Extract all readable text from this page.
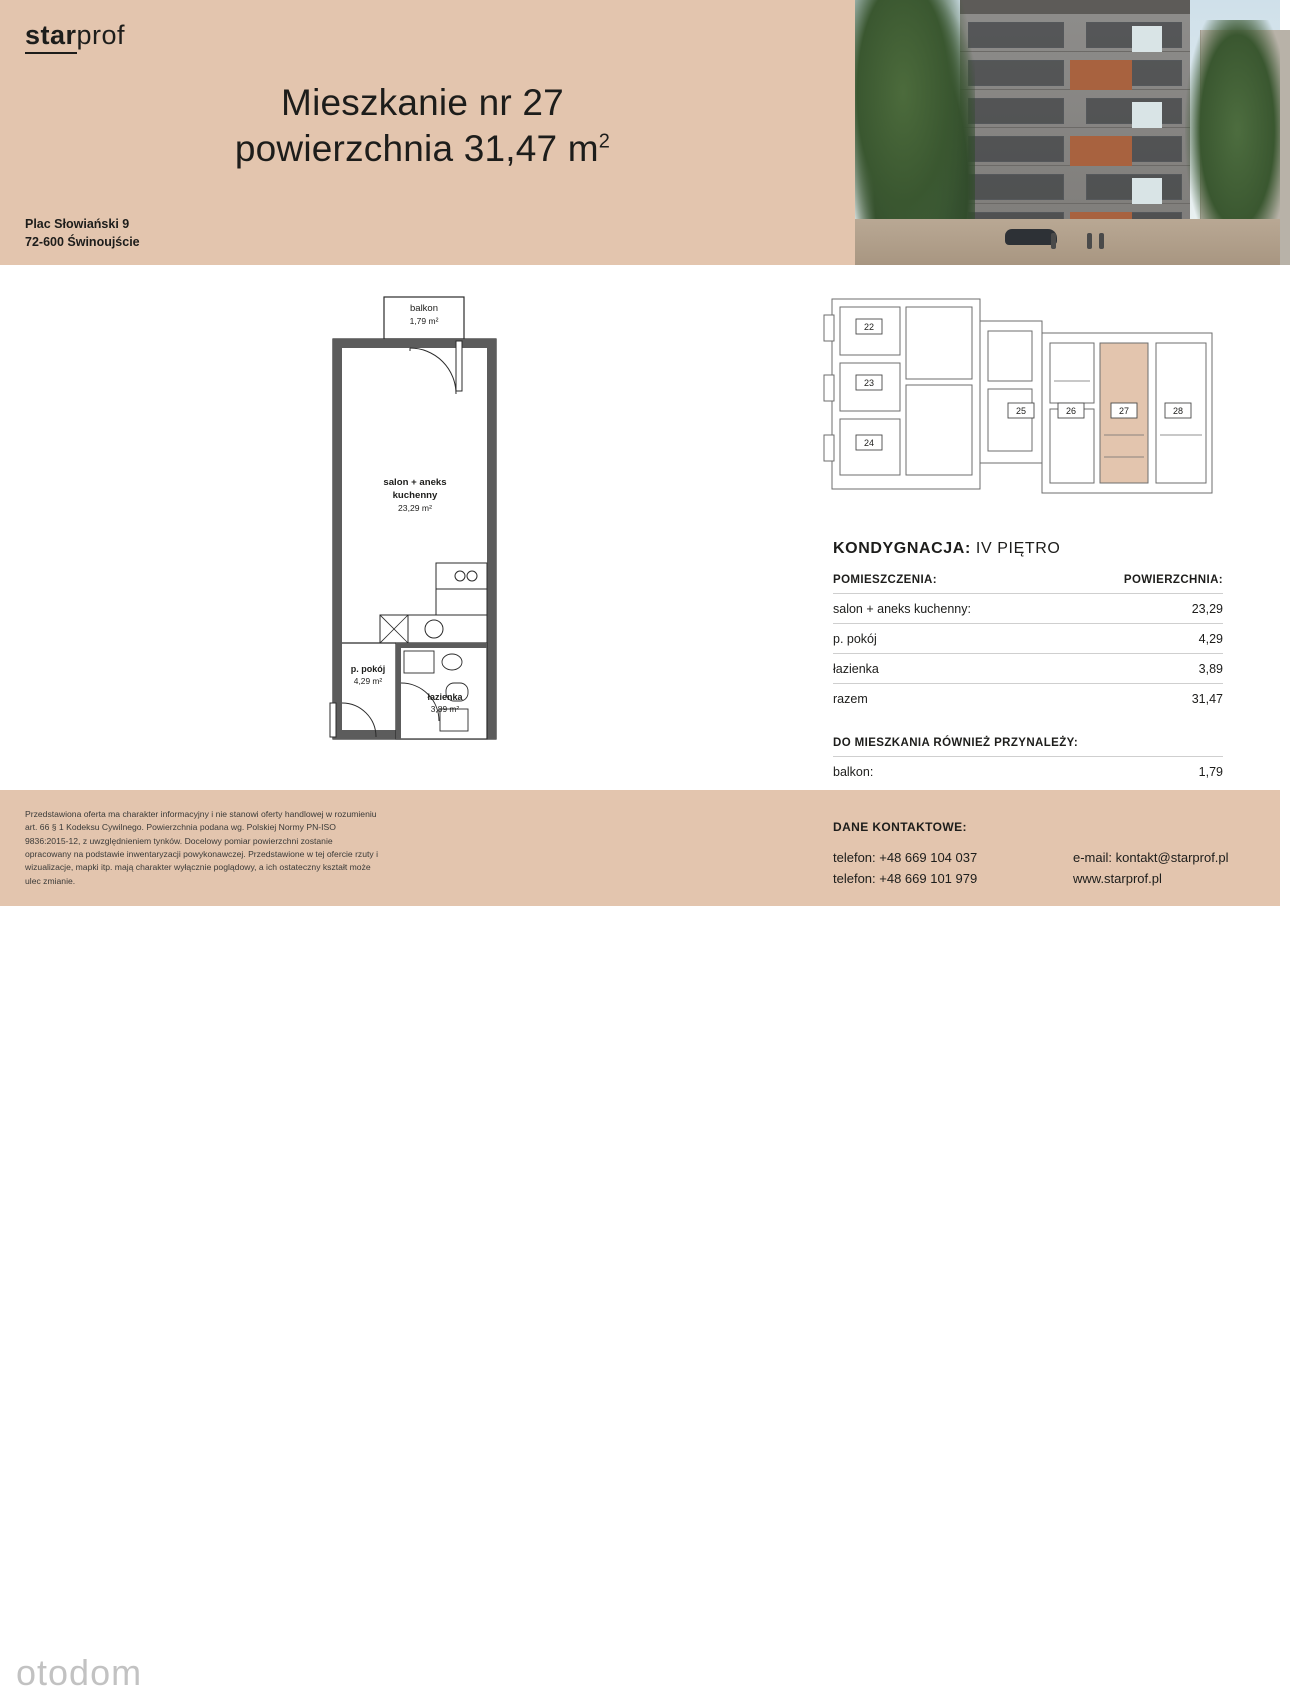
starprof
Mieszkanie nr 27
powierzchnia 31,47 $m^2$
Plac Słowiański 9
72-600 Świnoujście
balkon
1,79 m²
salon + aneks
kuchenny
23,29 m²
p. pokój
4,29 m²
łazienka
3,89 m²
22
23
24
25	26	27	28
KONDYGNACJA: IV PIĘTRO
POMIESZCZENIA:	POWIERZCHNIA:
salon + aneks kuchenny:	23,29
p. pokój	4,29
łazienka	3,89
razem	31,47
DO MIESZKANIA RÓWNIEŻ PRZYNALEŻY:
balkon:	1,79
Przedstawiona oferta ma charakter informacyjny i nie stanowi oferty handlowej w rozumieniu art. 66 § 1 Kodeksu Cywilnego. Powierzchnia podana wg. Polskiej Normy PN-ISO 9836:2015-12, z uwzględnieniem tynków. Docelowy pomiar powierzchni zostanie opracowany na podstawie inwentaryzacji powykonawczej. Przedstawione w tej ofercie rzuty i wizualizacje, mapki itp. mają charakter wyłącznie poglądowy, a ich ostateczny kształt może ulec zmianie.
DANE KONTAKTOWE:
telefon: +48 669 104 037
telefon: +48 669 101 979
e-mail: kontakt@starprof.pl
www.starprof.pl
otodom
